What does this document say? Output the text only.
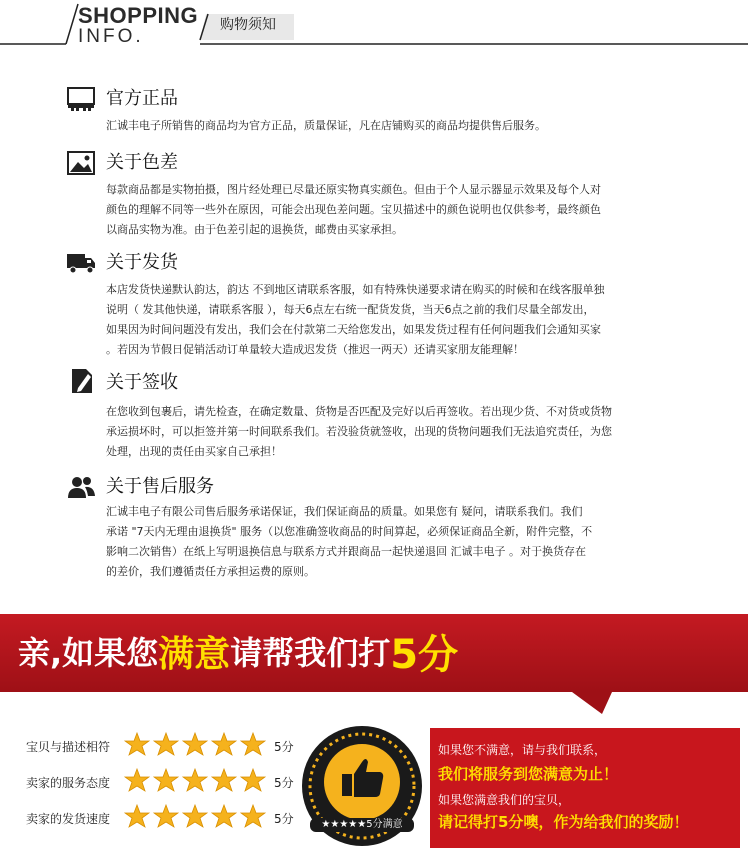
SHOPPING
INFO.
购物须知
官方正品
汇诚丰电子所销售的商品均为官方正品，质量保证，凡在店铺购买的商品均提供售后服务。
关于色差
每款商品都是实物拍摄，图片经处理已尽量还原实物真实颜色。但由于个人显示器显示效果及每个人对
颜色的理解不同等一些外在原因，可能会出现色差问题。宝贝描述中的颜色说明也仅供参考，最终颜色
以商品实物为准。由于色差引起的退换货，邮费由买家承担。
关于发货
本店发货快递默认韵达，韵达 不到地区请联系客服，如有特殊快递要求请在购买的时候和在线客服单独
说明（ 发其他快递，请联系客服 ），每天6点左右统一配货发货，当天6点之前的我们尽量全部发出，
如果因为时间问题没有发出，我们会在付款第二天给您发出，如果发货过程有任何问题我们会通知买家
。若因为节假日促销活动订单量较大造成迟发货（推迟一两天）还请买家朋友能理解！
关于签收
在您收到包裹后，请先检查，在确定数量、货物是否匹配及完好以后再签收。若出现少货、不对货或货物
承运损坏时，可以拒签并第一时间联系我们。若没验货就签收，出现的货物问题我们无法追究责任，为您
处理，出现的责任由买家自己承担！
关于售后服务
汇诚丰电子有限公司售后服务承诺保证，我们保证商品的质量。如果您有 疑问，请联系我们。我们
承诺 "7天内无理由退换货" 服务（以您准确签收商品的时间算起，必须保证商品全新，附件完整，不
影响二次销售）在纸上写明退换信息与联系方式并跟商品一起快递退回 汇诚丰电子 。对于换货存在
的差价，我们遵循责任方承担运费的原则。
亲,如果您 满意 请帮我们打 5分
宝贝与描述相符	5分
卖家的服务态度	5分
卖家的发货速度	5分	★★★★★5分满意
如果您不满意，请与我们联系，
我们将服务到您满意为止！
如果您满意我们的宝贝，
请记得打5分噢，作为给我们的奖励！
